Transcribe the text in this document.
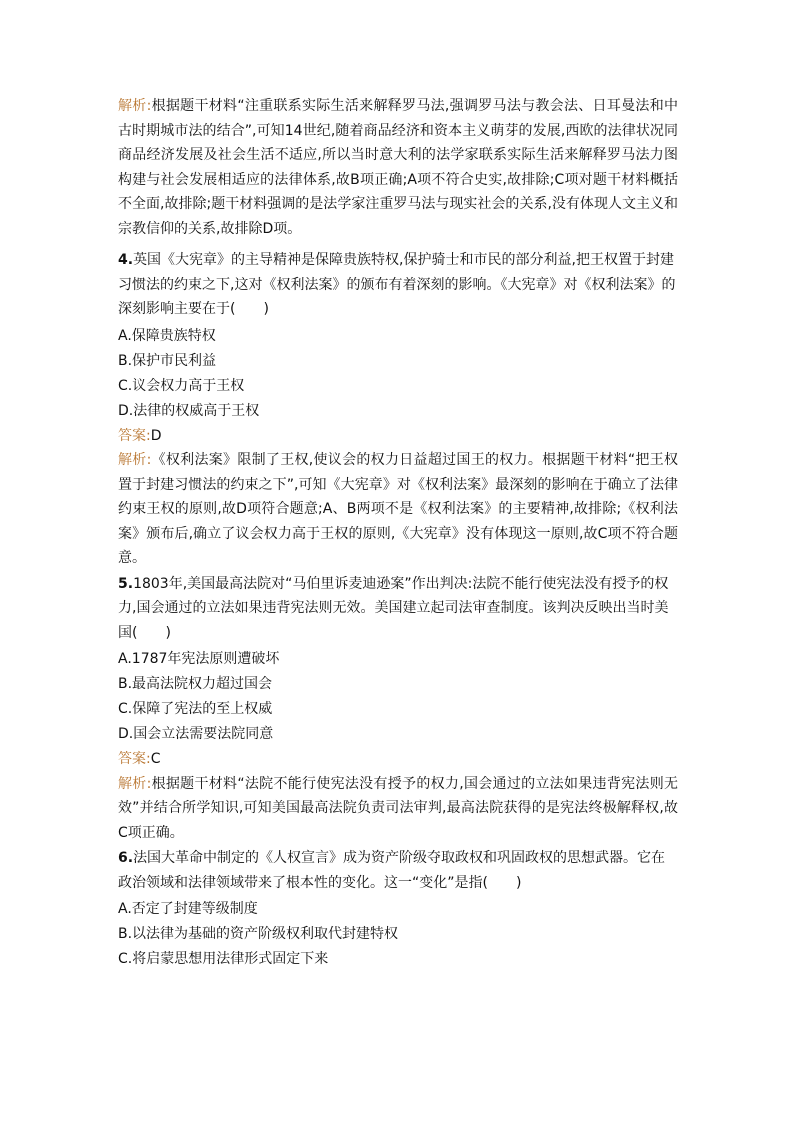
解析:根据题干材料“注重联系实际生活来解释罗马法,强调罗马法与教会法、日耳曼法和中古时期城市法的结合”,可知14世纪,随着商品经济和资本主义萌芽的发展,西欧的法律状况同商品经济发展及社会生活不适应,所以当时意大利的法学家联系实际生活来解释罗马法力图构建与社会发展相适应的法律体系,故B项正确;A项不符合史实,故排除;C项对题干材料概括不全面,故排除;题干材料强调的是法学家注重罗马法与现实社会的关系,没有体现人文主义和宗教信仰的关系,故排除D项。

4.英国《大宪章》的主导精神是保障贵族特权,保护骑士和市民的部分利益,把王权置于封建习惯法的约束之下,这对《权利法案》的颁布有着深刻的影响。《大宪章》对《权利法案》的深刻影响主要在于(　　)

A.保障贵族特权

B.保护市民利益

C.议会权力高于王权

D.法律的权威高于王权

答案:D

解析:《权利法案》限制了王权,使议会的权力日益超过国王的权力。根据题干材料“把王权置于封建习惯法的约束之下”,可知《大宪章》对《权利法案》最深刻的影响在于确立了法律约束王权的原则,故D项符合题意;A、B两项不是《权利法案》的主要精神,故排除;《权利法案》颁布后,确立了议会权力高于王权的原则,《大宪章》没有体现这一原则,故C项不符合题意。

5.1803年,美国最高法院对“马伯里诉麦迪逊案”作出判决:法院不能行使宪法没有授予的权力,国会通过的立法如果违背宪法则无效。美国建立起司法审查制度。该判决反映出当时美国(　　)

A.1787年宪法原则遭破坏

B.最高法院权力超过国会

C.保障了宪法的至上权威

D.国会立法需要法院同意

答案:C

解析:根据题干材料“法院不能行使宪法没有授予的权力,国会通过的立法如果违背宪法则无效”并结合所学知识,可知美国最高法院负责司法审判,最高法院获得的是宪法终极解释权,故C项正确。

6.法国大革命中制定的《人权宣言》成为资产阶级夺取政权和巩固政权的思想武器。它在政治领域和法律领域带来了根本性的变化。这一“变化”是指(　　)

A.否定了封建等级制度

B.以法律为基础的资产阶级权利取代封建特权

C.将启蒙思想用法律形式固定下来
